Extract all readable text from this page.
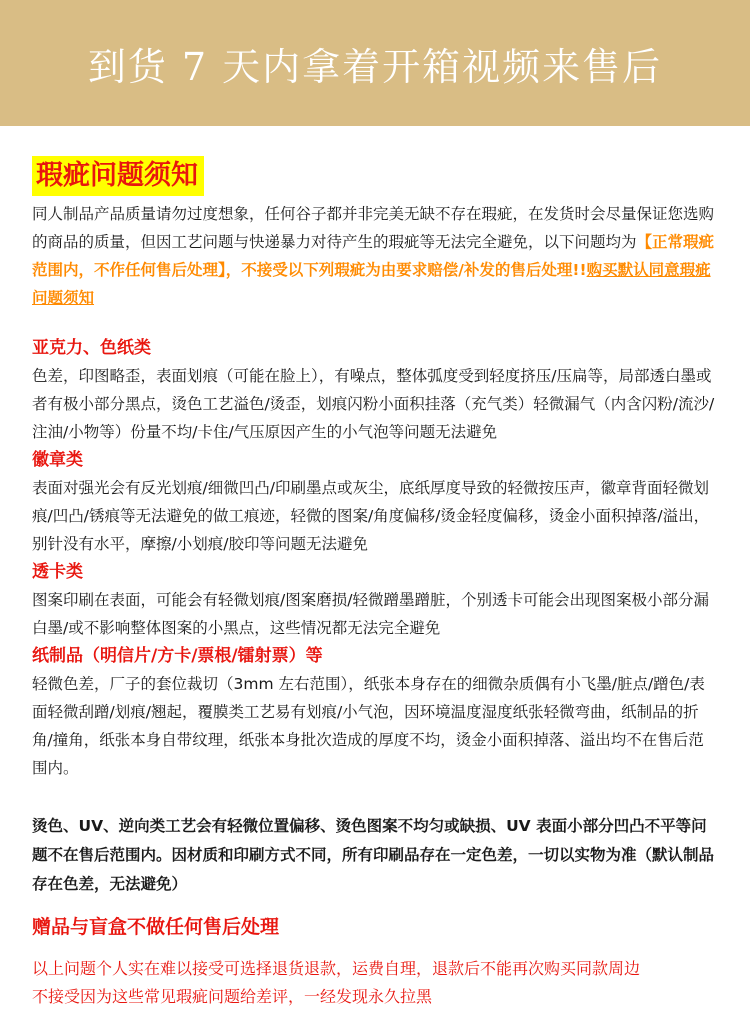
到货 7 天内拿着开箱视频来售后
瑕疵问题须知

同人制品产品质量请勿过度想象，任何谷子都并非完美无缺不存在瑕疵，在发货时会尽量保证您选购的商品的质量，但因工艺问题与快递暴力对待产生的瑕疵等无法完全避免，以下问题均为【正常瑕疵范围内，不作任何售后处理】，不接受以下列瑕疵为由要求赔偿/补发的售后处理!!购买默认同意瑕疵问题须知

亚克力、色纸类

色差，印图略歪，表面划痕（可能在脸上），有噪点，整体弧度受到轻度挤压/压扁等，局部透白墨或者有极小部分黑点，烫色工艺溢色/烫歪，划痕闪粉小面积挂落（充气类）轻微漏气（内含闪粉/流沙/注油/小物等）份量不均/卡住/气压原因产生的小气泡等问题无法避免

徽章类

表面对强光会有反光划痕/细微凹凸/印刷墨点或灰尘，底纸厚度导致的轻微按压声，徽章背面轻微划痕/凹凸/锈痕等无法避免的做工痕迹，轻微的图案/角度偏移/烫金轻度偏移，烫金小面积掉落/溢出，别针没有水平，摩擦/小划痕/胶印等问题无法避免

透卡类

图案印刷在表面，可能会有轻微划痕/图案磨损/轻微蹭墨蹭脏，个别透卡可能会出现图案极小部分漏白墨/或不影响整体图案的小黑点，这些情况都无法完全避免

纸制品（明信片/方卡/票根/镭射票）等

轻微色差，厂子的套位裁切（3mm 左右范围），纸张本身存在的细微杂质偶有小飞墨/脏点/蹭色/表面轻微刮蹭/划痕/翘起，覆膜类工艺易有划痕/小气泡，因环境温度湿度纸张轻微弯曲，纸制品的折角/撞角，纸张本身自带纹理，纸张本身批次造成的厚度不均，烫金小面积掉落、溢出均不在售后范围内。

烫色、UV、逆向类工艺会有轻微位置偏移、烫色图案不均匀或缺损、UV 表面小部分凹凸不平等问题不在售后范围内。因材质和印刷方式不同，所有印刷品存在一定色差，一切以实物为准（默认制品存在色差，无法避免）

赠品与盲盒不做任何售后处理

以上问题个人实在难以接受可选择退货退款，运费自理，退款后不能再次购买同款周边

不接受因为这些常见瑕疵问题给差评，一经发现永久拉黑
